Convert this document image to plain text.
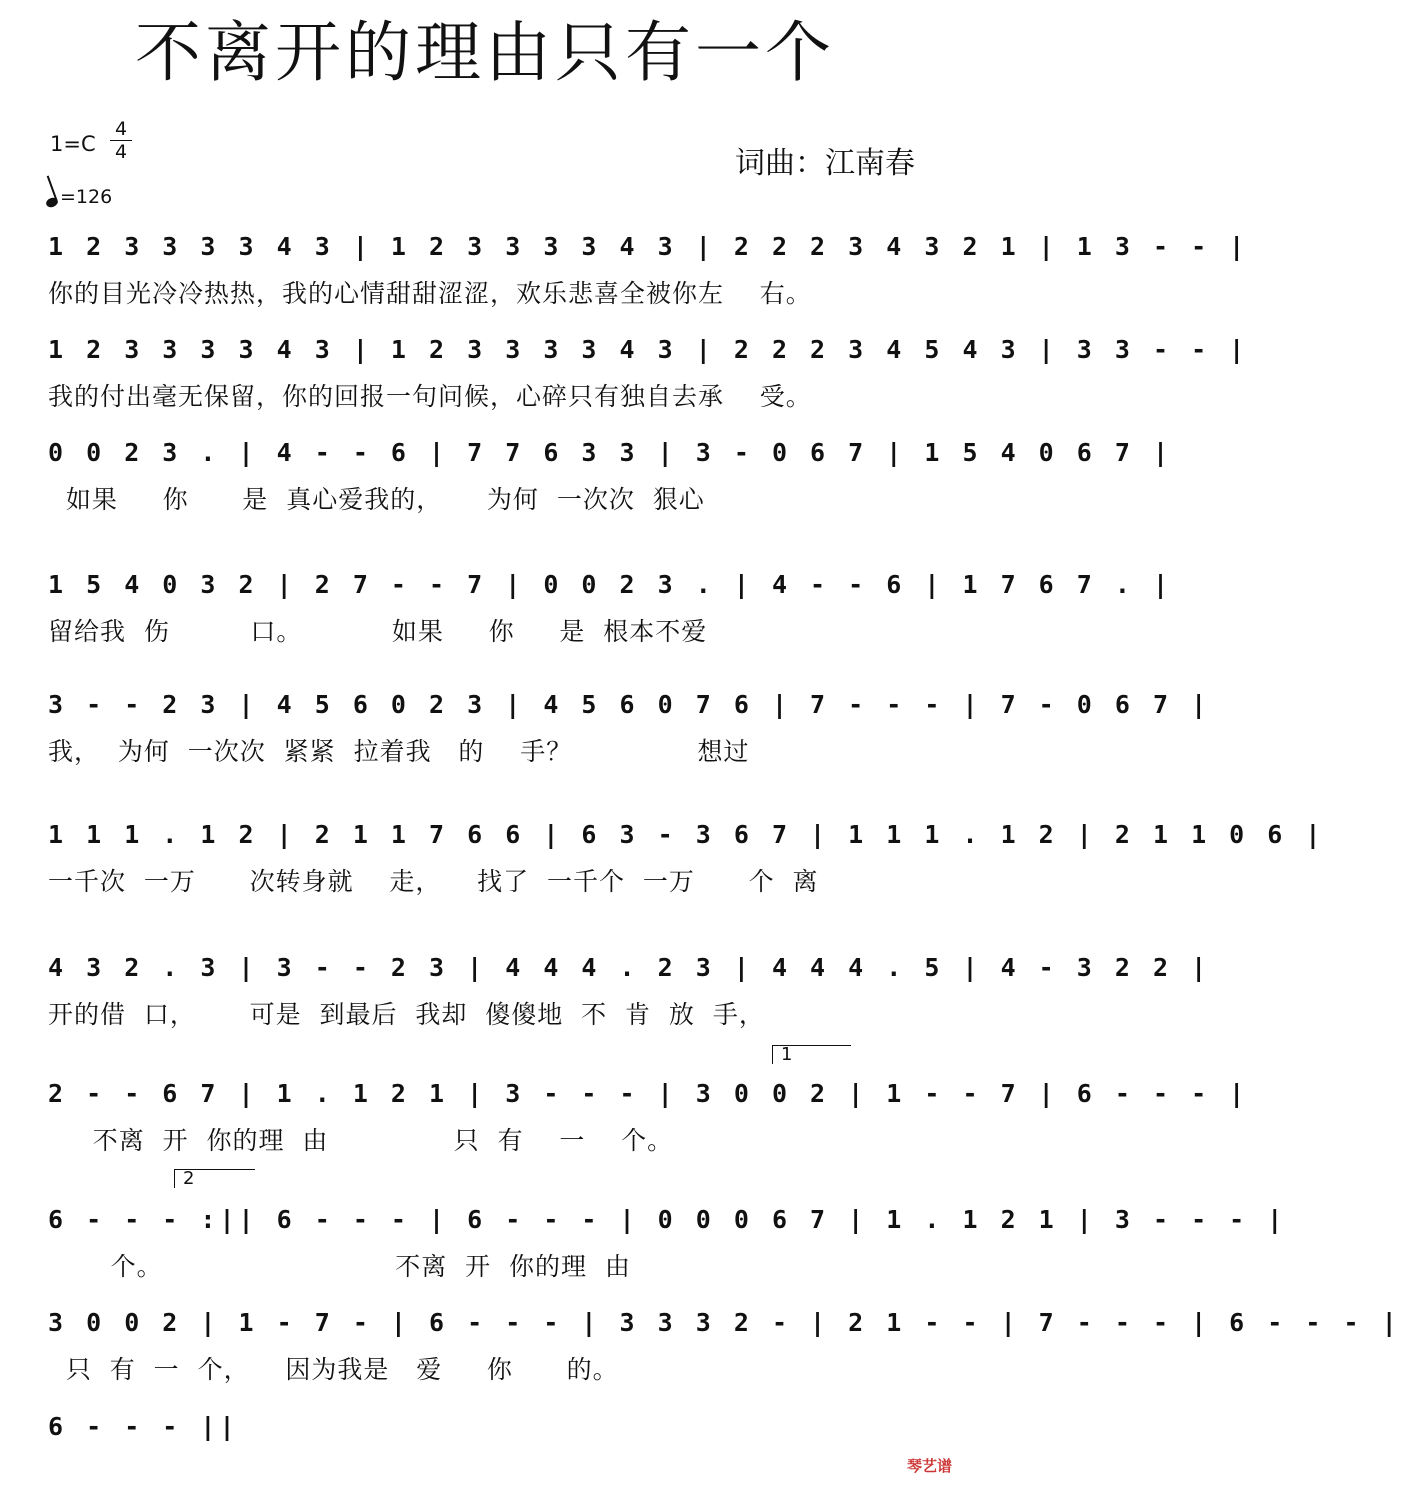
不离开的理由只有一个
$1=C \frac{4}{4}$
=126
词曲：江南春
1 2 3 3 3 3 4 3 | 1 2 3 3 3 3 4 3 | 2 2 2 3 4 3 2 1 | 1 3 - - |
你的目光冷冷热热，我的心情甜甜涩涩，欢乐悲喜全被你左    右。
1 2 3 3 3 3 4 3 | 1 2 3 3 3 3 4 3 | 2 2 2 3 4 5 4 3 | 3 3 - - |
我的付出毫无保留，你的回报一句问候，心碎只有独自去承    受。
0 0 2 3 . | 4 - - 6 | 7 7 6 3 3 | 3 - 0 6 7 | 1 5 4 0 6 7 |
如果     你      是  真心爱我的，     为何  一次次  狠心
1 5 4 0 3 2 | 2 7 - - 7 | 0 0 2 3 . | 4 - - 6 | 1 7 6 7 . |
留给我  伤         口。          如果     你     是  根本不爱
3 - - 2 3 | 4 5 6 0 2 3 | 4 5 6 0 7 6 | 7 - - - | 7 - 0 6 7 |
我，  为何  一次次  紧紧  拉着我   的    手？              想过
1 1 1 . 1 2 | 2 1 1 7 6 6 | 6 3 - 3 6 7 | 1 1 1 . 1 2 | 2 1 1 0 6 |
一千次  一万      次转身就    走，    找了  一千个  一万      个  离
4 3 2 . 3 | 3 - - 2 3 | 4 4 4 . 2 3 | 4 4 4 . 5 | 4 - 3 2 2 |
开的借  口，      可是  到最后  我却  傻傻地  不  肯  放  手，
1
2 - - 6 7 | 1 . 1 2 1 | 3 - - - | 3 0 0 2 | 1 - - 7 | 6 - - - |
不离  开  你的理  由              只  有    一    个。
2
6 - - - :|| 6 - - - | 6 - - - | 0 0 0 6 7 | 1 . 1 2 1 | 3 - - - |
个。                          不离  开  你的理  由
3 0 0 2 | 1 - 7 - | 6 - - - | 3 3 3 2 - | 2 1 - - | 7 - - - | 6 - - - |
只  有  一  个，    因为我是   爱     你      的。
6 - - - ||
琴艺谱
